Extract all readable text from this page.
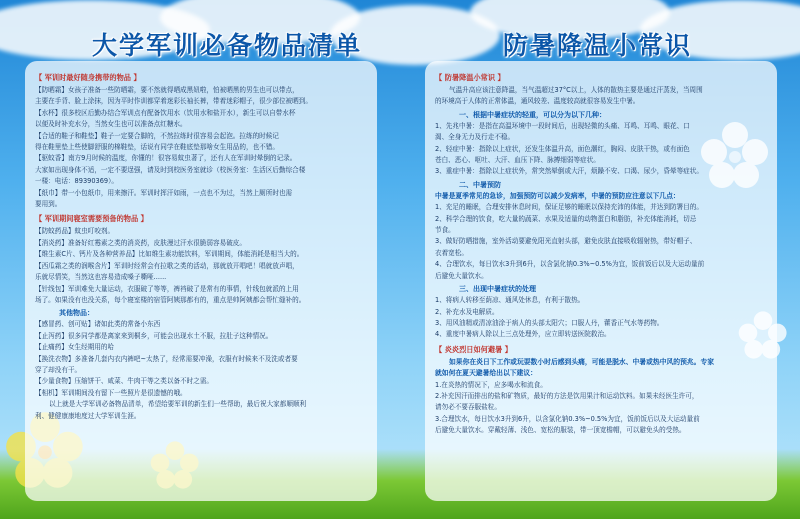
大学军训必备物品清单	防暑降温小常识

【 军训时最好随身携带的物品 】

【防晒霜】女孩子准备一些防晒霜，要不然就得晒成黑妞啦，怕被晒黑的男生也可以带点，

主要在手背、脸上涂抹，因为平时作训都穿着迷彩长袖长裤，带着迷彩帽子，很少部位被晒到。

【水杯】很多校区后勤办结合军训点有配备饮用水（饮用水和盐开水），新生可以自带水杯

以便及时补充水分，当然女生也可以准备点红糖水。

【合适的鞋子和鞋垫】鞋子一定要合脚的，不然拉练时很容易会起泡。拉练的时候记

得在鞋里垫上些使脚舒服的棉鞋垫，话说有同学在鞋底垫那啥女生用品的，也不错。

【驱蚊香】南方9月时候的温度，你懂的！很容易蚊虫著了，还有人在军训时晕倒的记录。

大家如出现身体不适，一定不要逞强，请及时到校医务室就诊（校医务室：生活区后勤综合楼

一楼：电话：89390369）。

【纸巾】带一小包纸巾，用来擦汗。军训时挥汗如雨，一点也不为过，当然上厕所时也需

要用到。

【 军训期间寝室需要预备的物品 】

【防蚊药品】蚊虫叮咬剂。

【消炎药】准备好红霉素之类的消炎药，皮肤漫过汗水很脆弱容易破皮。

【维生素C片、钙片及各种营养品】比如维生素功能饮料，军训期间，体能消耗是相当大的。

【西瓜霜之类的润喉含片】军训时经常会有拉歌之类的活动，那就放开唱吧！唱就放声唱，

乐就尽情笑，当然这也容易造成嗓子嘶哑......

【针线包】军训难免大量运动，衣服破了等等，裤裆破了是常有的事情，针线包就派的上用

场了。如果没有也没关系，每个寝室楼的宿管阿姨那都有的，重点是帅阿姨都会帮忙缝补的。

其他物品：

【感冒药、创可贴】诸如此类的常备小东西

【止泻药】很多同学都是离家来到桐乡，可能会出现水土不服，拉肚子这种情况。

【止痛药】女生经期用的哈

【换洗衣物】多准备几套内衣内裤吧~太热了，经常需要冲澡，衣服有时候来不及洗或者要

穿了却没有干。

【少量食物】压缩饼干、咸菜、牛肉干等之类以备不时之需。

【相机】军训期间没有留下一些照片是很遗憾的哦。

以上就是大学军训必备物品清单，希望给要军训的新生们一些帮助，最后祝大家都顺顺利

利、健健康康地度过大学军训生涯。

【 防暑降温小常识 】

气温升高应该注意降温，当气温超过37°C以上，人体的散热主要是通过汗蒸发，当周围

的环境高于人体的正常体温，通风较差、温度较高就很容易发生中暑。

一、根据中暑症状的轻重，可以分为以下几种：

1、先兆中暑：是指在高温环境中一段时间后，出现轻微的头痛、耳鸣、耳鸣、眼花、口

渴、全身无力及行走不稳。

2、轻症中暑：指除以上症状，还发生体温升高，面色潮红，胸闷、皮肤干热，或有面色

苍白、恶心、呕吐、大汗、血压下降、脉搏细弱等症状。

3、重症中暑：指除以上症状外，常突然晕倒或大汗，烦躁不安、口渴、尿少，昏晕等症状。

二、中暑预防

中暑是夏季常见的急诊，加强预防可以减少发病率，中暑的预防应注意以下几点：

1、充足的睡眠，合理安排休息时间，保证足够的睡眠以保持充沛的体能，并达到防署目的。

2、科学合理的饮食，吃大量的蔬菜、水果及适量的动物蛋白和脂肪，补充体能消耗，切忌

节食。

3、做好防晒措施，室外活动要避免阳光直射头部，避免皮肤直接吸收辐射热，带好帽子、

衣着宽松。

4、合理饮水，每日饮水3升到6升，以含氯化钠0.3%~0.5%为宜，饭前饭后以及大运动量前

后避免大量饮水。

三、出现中暑症状的处理

1、将病人转移至荫凉、通风处休息，有利于散热。

2、补充水及电解质。

3、用风油精或清凉油涂于病人的头部太阳穴；口服人丹，藿香正气水等药物。

4、重度中暑病人除以上三点处理外，应立即转送医院救治。

【 炎炎烈日如何避暑 】

如果你在炎日下工作或玩耍数小时后感到头痛，可能是脱水、中暑或热中风的预兆。专家

就如何在夏天避暑给出以下建议：

1.在炎热的情况下，应多喝水和流食。

2.补充因汗而排出的盐和矿物质，最好的方法是饮用果汁和运动饮料。如果未经医生许可，

请勿必不要吞服盐粒。

3.合理饮水，每日饮水3升到6升，以含氯化钠0.3%~0.5%为宜，饭前饭后以及大运动量前

后避免大量饮水。穿戴轻薄、浅色、宽松的服装，带一顶宽檐帽，可以避免头的受热。
